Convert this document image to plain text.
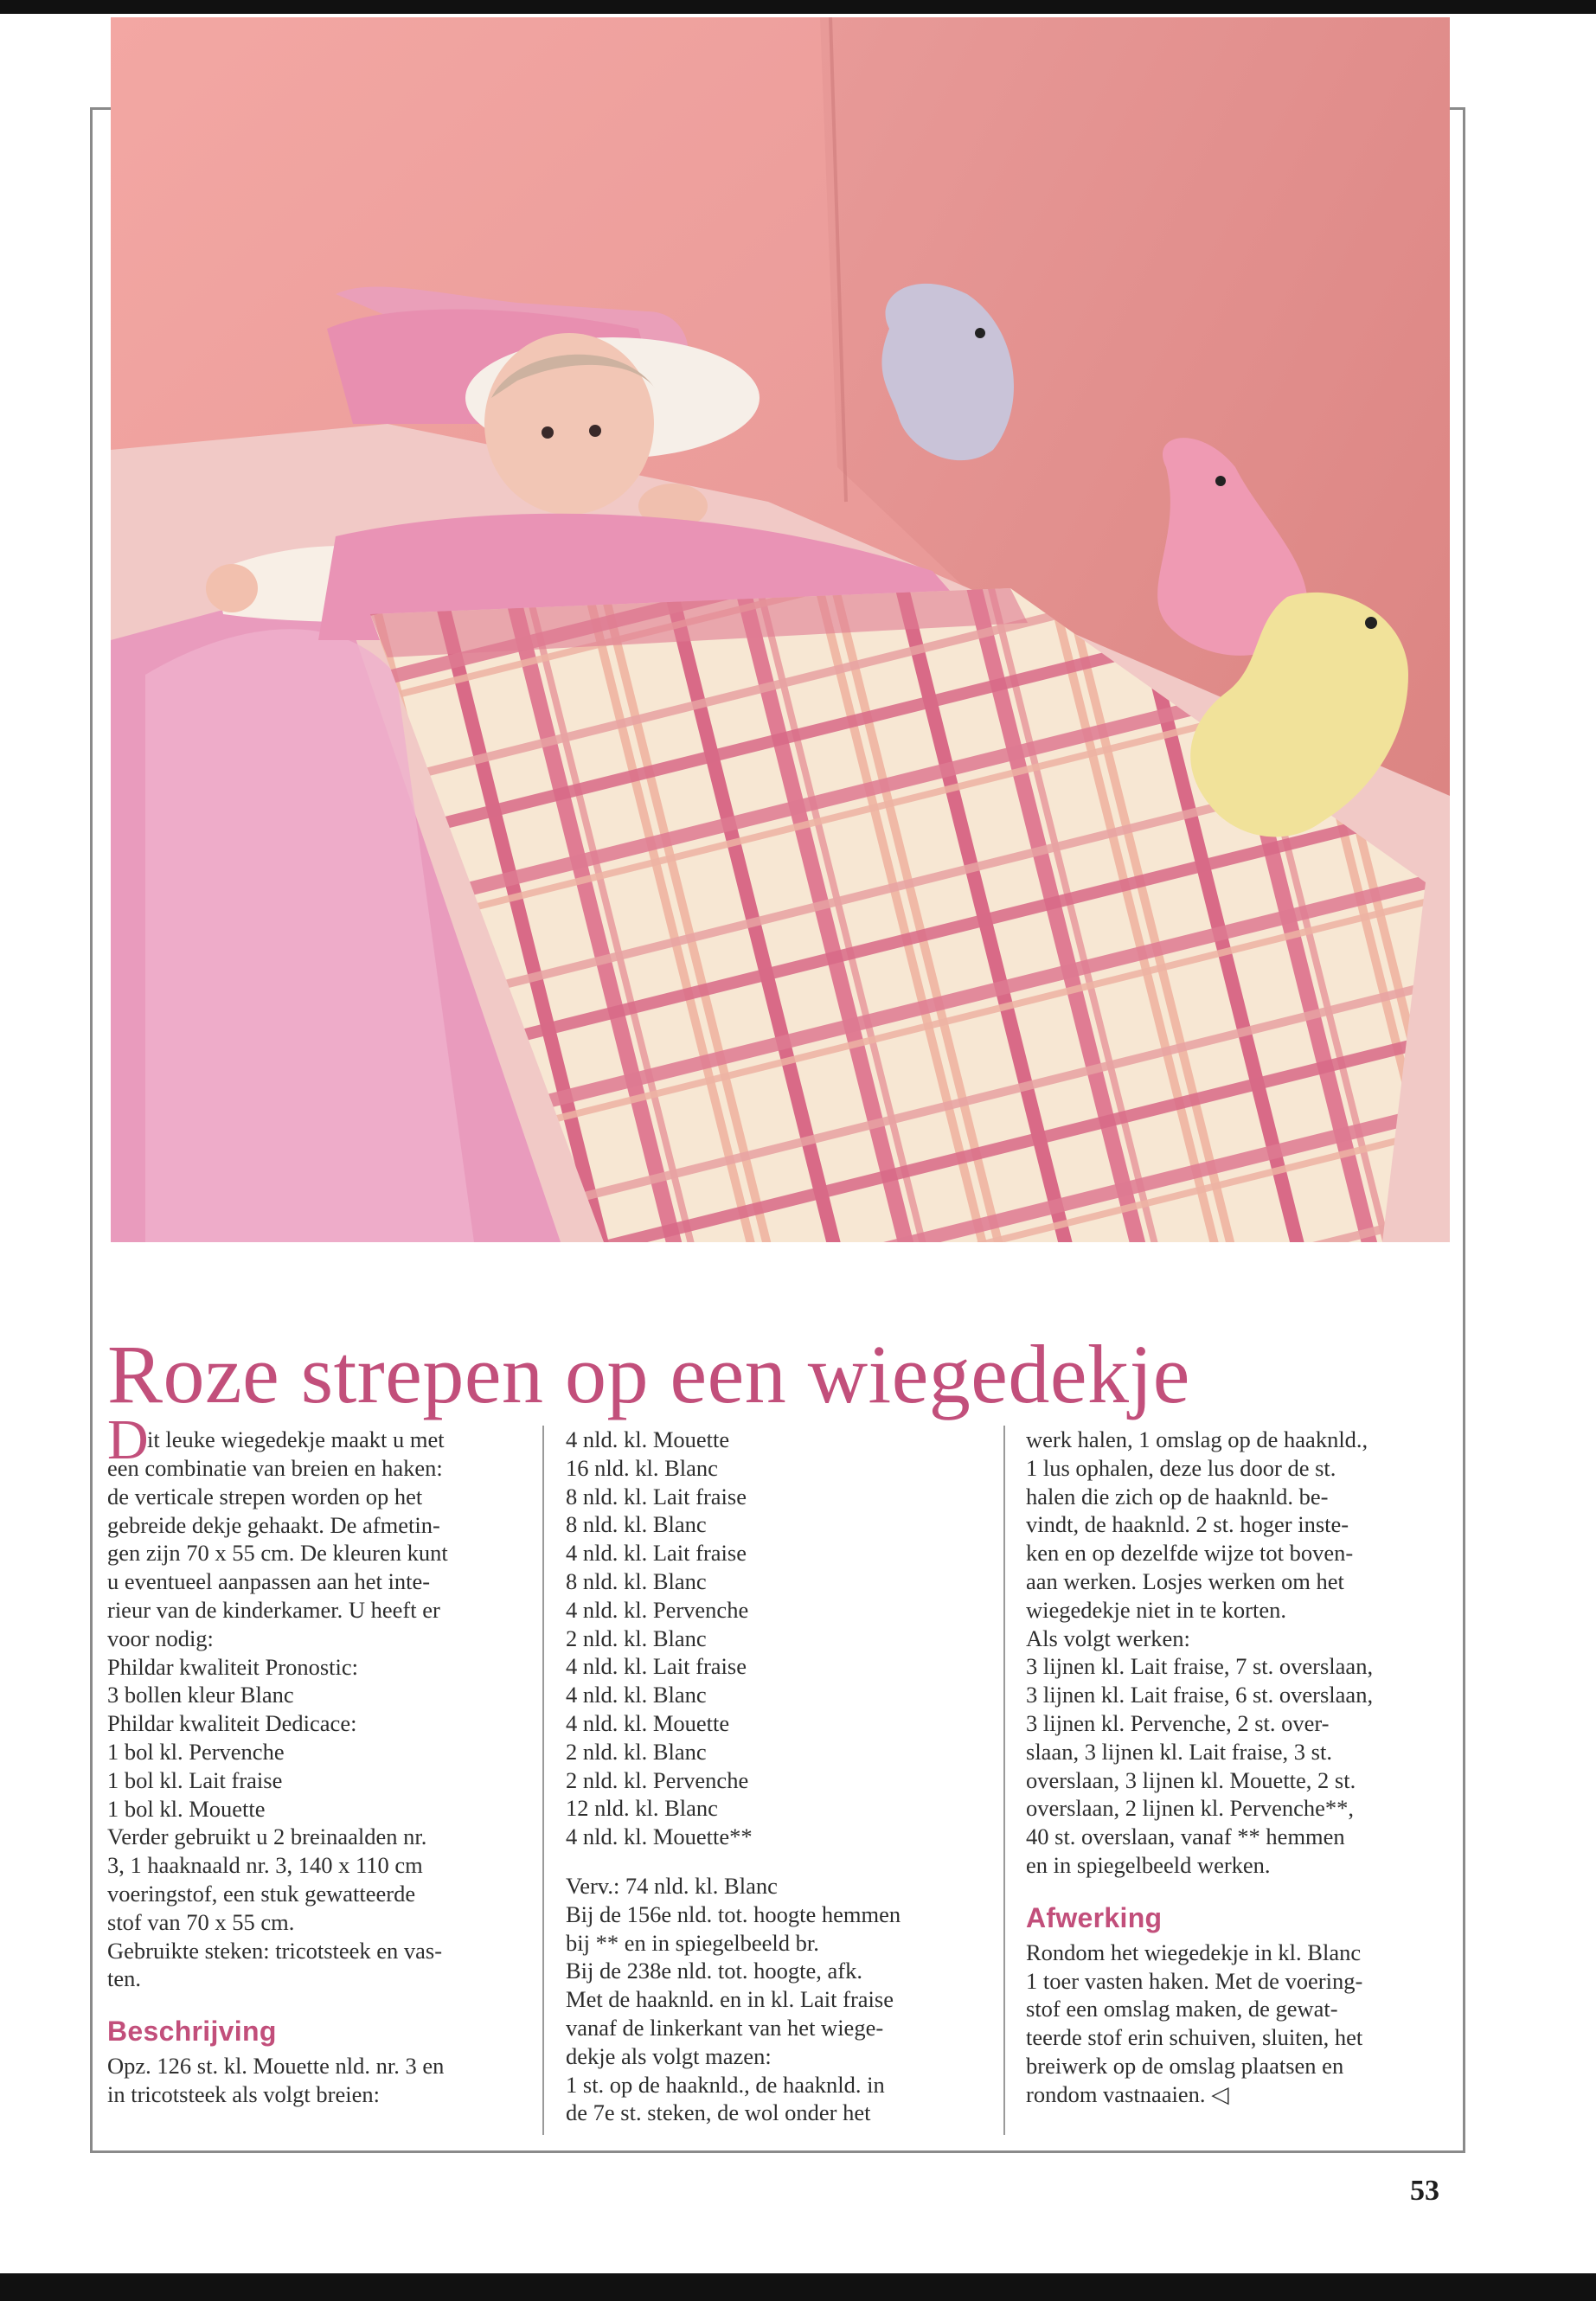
Roze strepen op een wiegedekje
D
it leuke wiegedekje maakt u met
een combinatie van breien en haken:
de verticale strepen worden op het
gebreide dekje gehaakt. De afmetin-
gen zijn 70 x 55 cm. De kleuren kunt
u eventueel aanpassen aan het inte-
rieur van de kinderkamer. U heeft er
voor nodig:
Phildar kwaliteit Pronostic:
3 bollen kleur Blanc
Phildar kwaliteit Dedicace:
1 bol kl. Pervenche
1 bol kl. Lait fraise
1 bol kl. Mouette
Verder gebruikt u 2 breinaalden nr.
3, 1 haaknaald nr. 3, 140 x 110 cm
voeringstof, een stuk gewatteerde
stof van 70 x 55 cm.
Gebruikte steken: tricotsteek en vas-
ten.
Beschrijving
Opz. 126 st. kl. Mouette nld. nr. 3 en
in tricotsteek als volgt breien:
4 nld. kl. Mouette
16 nld. kl. Blanc
8 nld. kl. Lait fraise
8 nld. kl. Blanc
4 nld. kl. Lait fraise
8 nld. kl. Blanc
4 nld. kl. Pervenche
2 nld. kl. Blanc
4 nld. kl. Lait fraise
4 nld. kl. Blanc
4 nld. kl. Mouette
2 nld. kl. Blanc
2 nld. kl. Pervenche
12 nld. kl. Blanc
4 nld. kl. Mouette**
Verv.: 74 nld. kl. Blanc
Bij de 156e nld. tot. hoogte hemmen
bij ** en in spiegelbeeld br.
Bij de 238e nld. tot. hoogte, afk.
Met de haaknld. en in kl. Lait fraise
vanaf de linkerkant van het wiege-
dekje als volgt mazen:
1 st. op de haaknld., de haaknld. in
de 7e st. steken, de wol onder het
werk halen, 1 omslag op de haaknld.,
1 lus ophalen, deze lus door de st.
halen die zich op de haaknld. be-
vindt, de haaknld. 2 st. hoger inste-
ken en op dezelfde wijze tot boven-
aan werken. Losjes werken om het
wiegedekje niet in te korten.
Als volgt werken:
3 lijnen kl. Lait fraise, 7 st. overslaan,
3 lijnen kl. Lait fraise, 6 st. overslaan,
3 lijnen kl. Pervenche, 2 st. over-
slaan, 3 lijnen kl. Lait fraise, 3 st.
overslaan, 3 lijnen kl. Mouette, 2 st.
overslaan, 2 lijnen kl. Pervenche**,
40 st. overslaan, vanaf ** hemmen
en in spiegelbeeld werken.
Afwerking
Rondom het wiegedekje in kl. Blanc
1 toer vasten haken. Met de voering-
stof een omslag maken, de gewat-
teerde stof erin schuiven, sluiten, het
breiwerk op de omslag plaatsen en
rondom vastnaaien. ◁
53
